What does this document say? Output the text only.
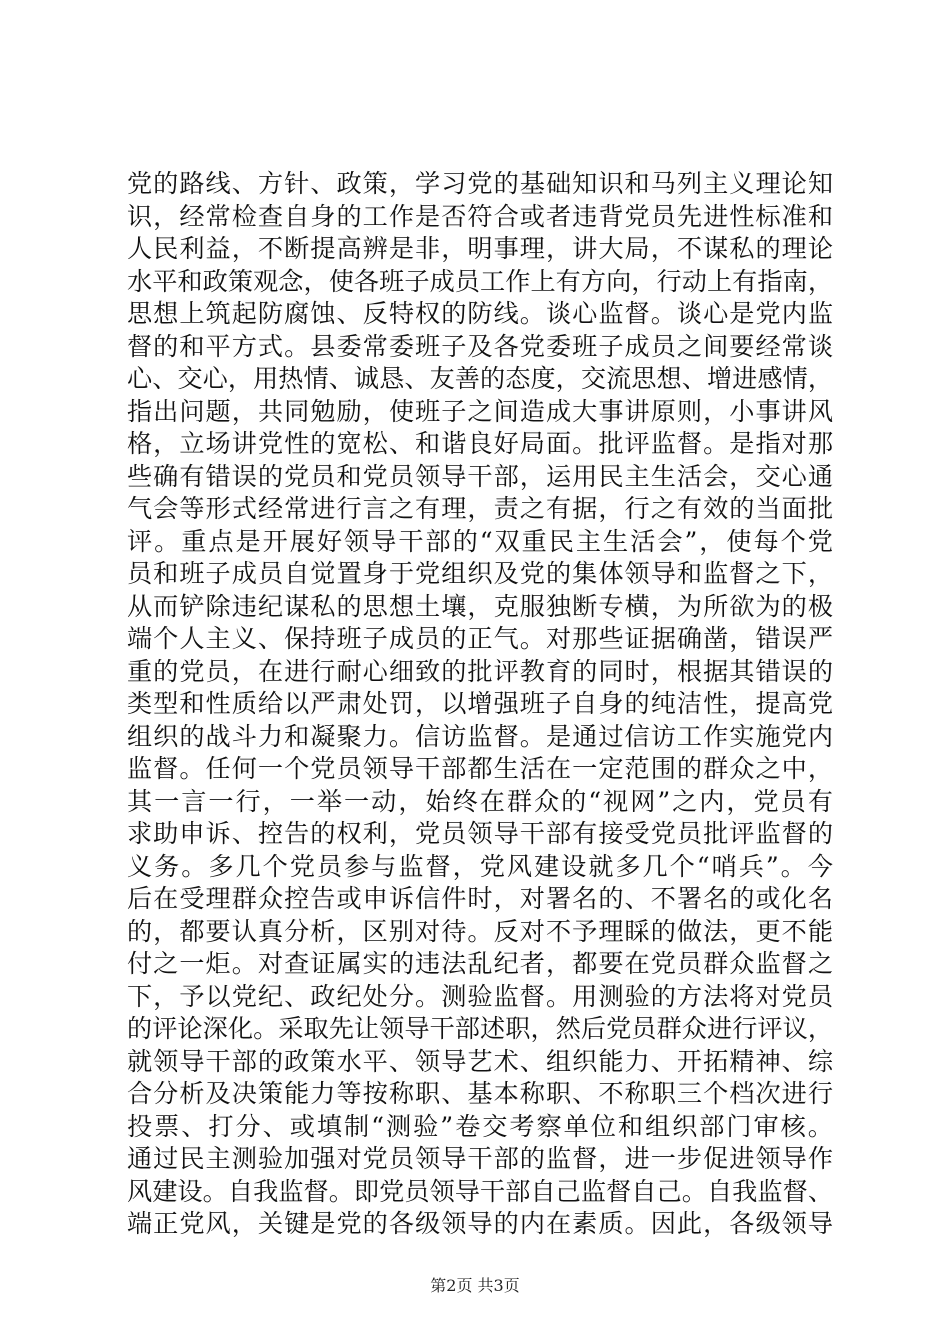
党的路线、方针、政策，学习党的基础知识和马列主义理论知
识，经常检查自身的工作是否符合或者违背党员先进性标准和
人民利益，不断提高辨是非，明事理，讲大局，不谋私的理论
水平和政策观念，使各班子成员工作上有方向，行动上有指南，
思想上筑起防腐蚀、反特权的防线。谈心监督。谈心是党内监
督的和平方式。县委常委班子及各党委班子成员之间要经常谈
心、交心，用热情、诚恳、友善的态度，交流思想、增进感情，
指出问题，共同勉励，使班子之间造成大事讲原则，小事讲风
格，立场讲党性的宽松、和谐良好局面。批评监督。是指对那
些确有错误的党员和党员领导干部，运用民主生活会，交心通
气会等形式经常进行言之有理，责之有据，行之有效的当面批
评。重点是开展好领导干部的“双重民主生活会”，使每个党
员和班子成员自觉置身于党组织及党的集体领导和监督之下，
从而铲除违纪谋私的思想土壤，克服独断专横，为所欲为的极
端个人主义、保持班子成员的正气。对那些证据确凿，错误严
重的党员，在进行耐心细致的批评教育的同时，根据其错误的
类型和性质给以严肃处罚，以增强班子自身的纯洁性，提高党
组织的战斗力和凝聚力。信访监督。是通过信访工作实施党内
监督。任何一个党员领导干部都生活在一定范围的群众之中，
其一言一行，一举一动，始终在群众的“视网”之内，党员有
求助申诉、控告的权利，党员领导干部有接受党员批评监督的
义务。多几个党员参与监督，党风建设就多几个“哨兵”。今
后在受理群众控告或申诉信件时，对署名的、不署名的或化名
的，都要认真分析，区别对待。反对不予理睬的做法，更不能
付之一炬。对查证属实的违法乱纪者，都要在党员群众监督之
下，予以党纪、政纪处分。测验监督。用测验的方法将对党员
的评论深化。采取先让领导干部述职，然后党员群众进行评议，
就领导干部的政策水平、领导艺术、组织能力、开拓精神、综
合分析及决策能力等按称职、基本称职、不称职三个档次进行
投票、打分、或填制“测验”卷交考察单位和组织部门审核。
通过民主测验加强对党员领导干部的监督，进一步促进领导作
风建设。自我监督。即党员领导干部自己监督自己。自我监督、
端正党风，关键是党的各级领导的内在素质。因此，各级领导
第2页 共3页
